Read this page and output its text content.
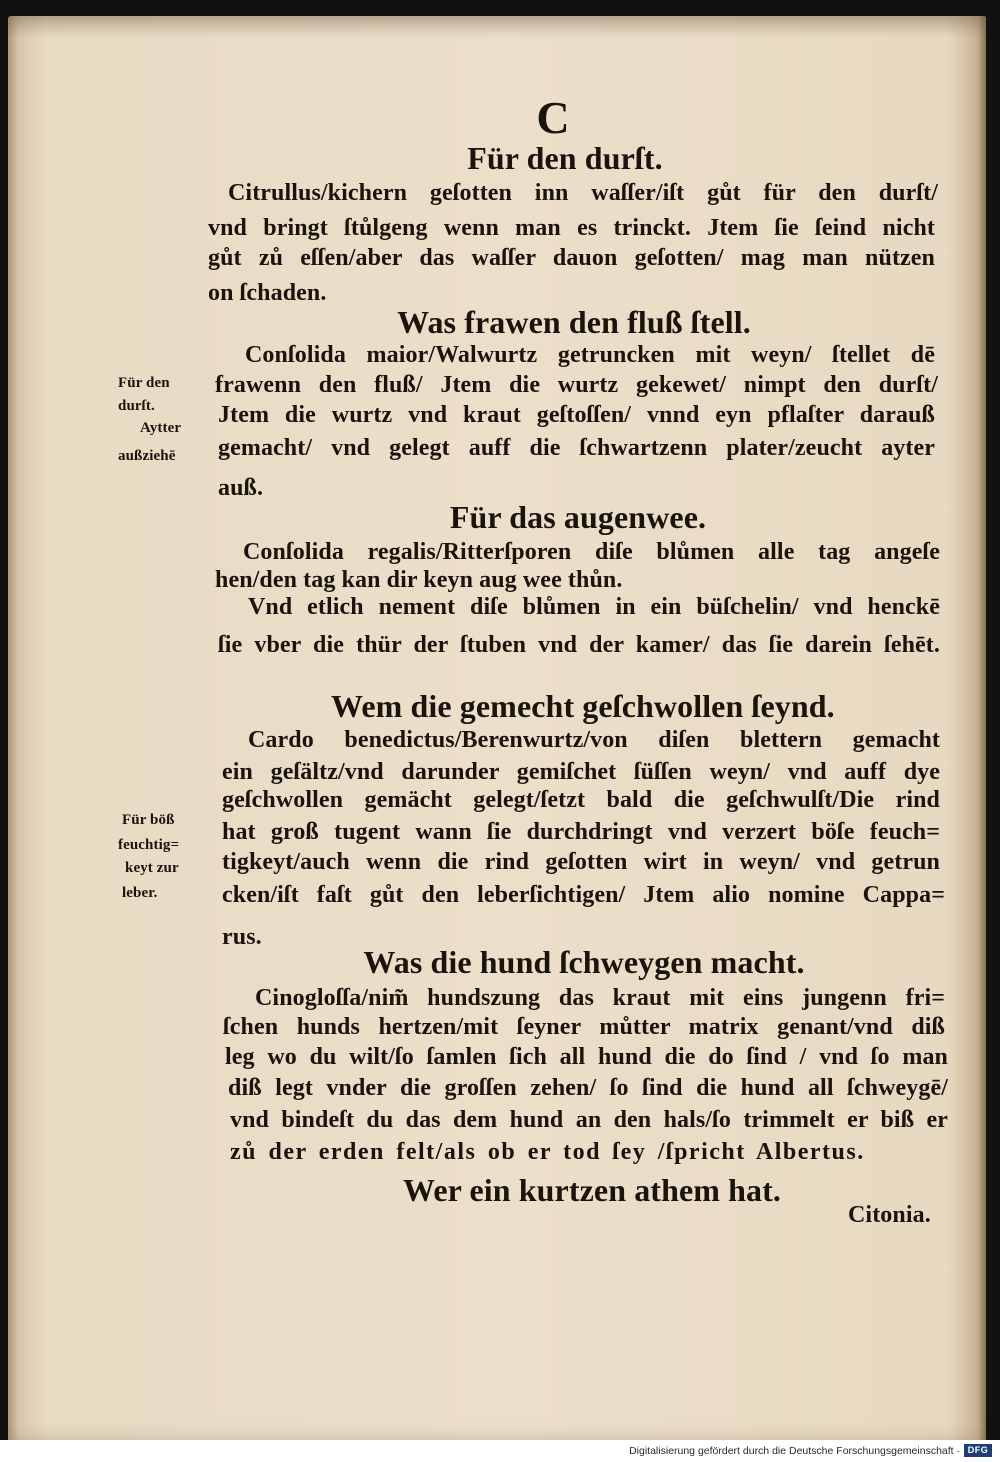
C
Für den durſt.
Citrullus/kichern geſotten inn waſſer/iſt gůt für den durſt/
vnd bringt ſtůlgeng wenn man es trinckt. Jtem ſie ſeind nicht
gůt zů eſſen/aber das waſſer dauon geſotten/ mag man nützen
on ſchaden.
Was frawen den fluß ſtell.
Conſolida maior/Walwurtz getruncken mit weyn/ ſtellet dē
frawenn den fluß/ Jtem die wurtz gekewet/ nimpt den durſt/
Jtem die wurtz vnd kraut geſtoſſen/ vnnd eyn pflaſter darauß
gemacht/ vnd gelegt auff die ſchwartzenn plater/zeucht ayter
auß.
Für den
durſt.
Aytter
außziehē
Für das augenwee.
Conſolida regalis/Ritterſporen diſe blůmen alle tag angeſe
hen/den tag kan dir keyn aug wee thůn.
Vnd etlich nement diſe blůmen in ein büſchelin/ vnd henckē
ſie vber die thür der ſtuben vnd der kamer/ das ſie darein ſehēt.
Wem die gemecht geſchwollen ſeynd.
Cardo benedictus/Berenwurtz/von diſen blettern gemacht
ein geſältz/vnd darunder gemiſchet ſüſſen weyn/ vnd auff dye
geſchwollen gemächt gelegt/ſetzt bald die geſchwulſt/Die rind
hat groß tugent wann ſie durchdringt vnd verzert böſe feuch=
tigkeyt/auch wenn die rind geſotten wirt in weyn/ vnd getrun
cken/iſt faſt gůt den leberſichtigen/ Jtem alio nomine Cappa=
rus.
Für böß
feuchtig=
keyt zur
leber.
Was die hund ſchweygen macht.
Cinogloſſa/nim̃ hundszung das kraut mit eins jungenn fri=
ſchen hunds hertzen/mit ſeyner můtter matrix genant/vnd diß
leg wo du wilt/ſo ſamlen ſich all hund die do ſind / vnd ſo man
diß legt vnder die groſſen zehen/ ſo ſind die hund all ſchweygē/
vnd bindeſt du das dem hund an den hals/ſo trimmelt er biß er
zů der erden felt/als ob er tod ſey /ſpricht Albertus.
Wer ein kurtzen athem hat.
Citonia.
Digitalisierung gefördert durch die Deutsche Forschungsgemeinschaft · DFG
